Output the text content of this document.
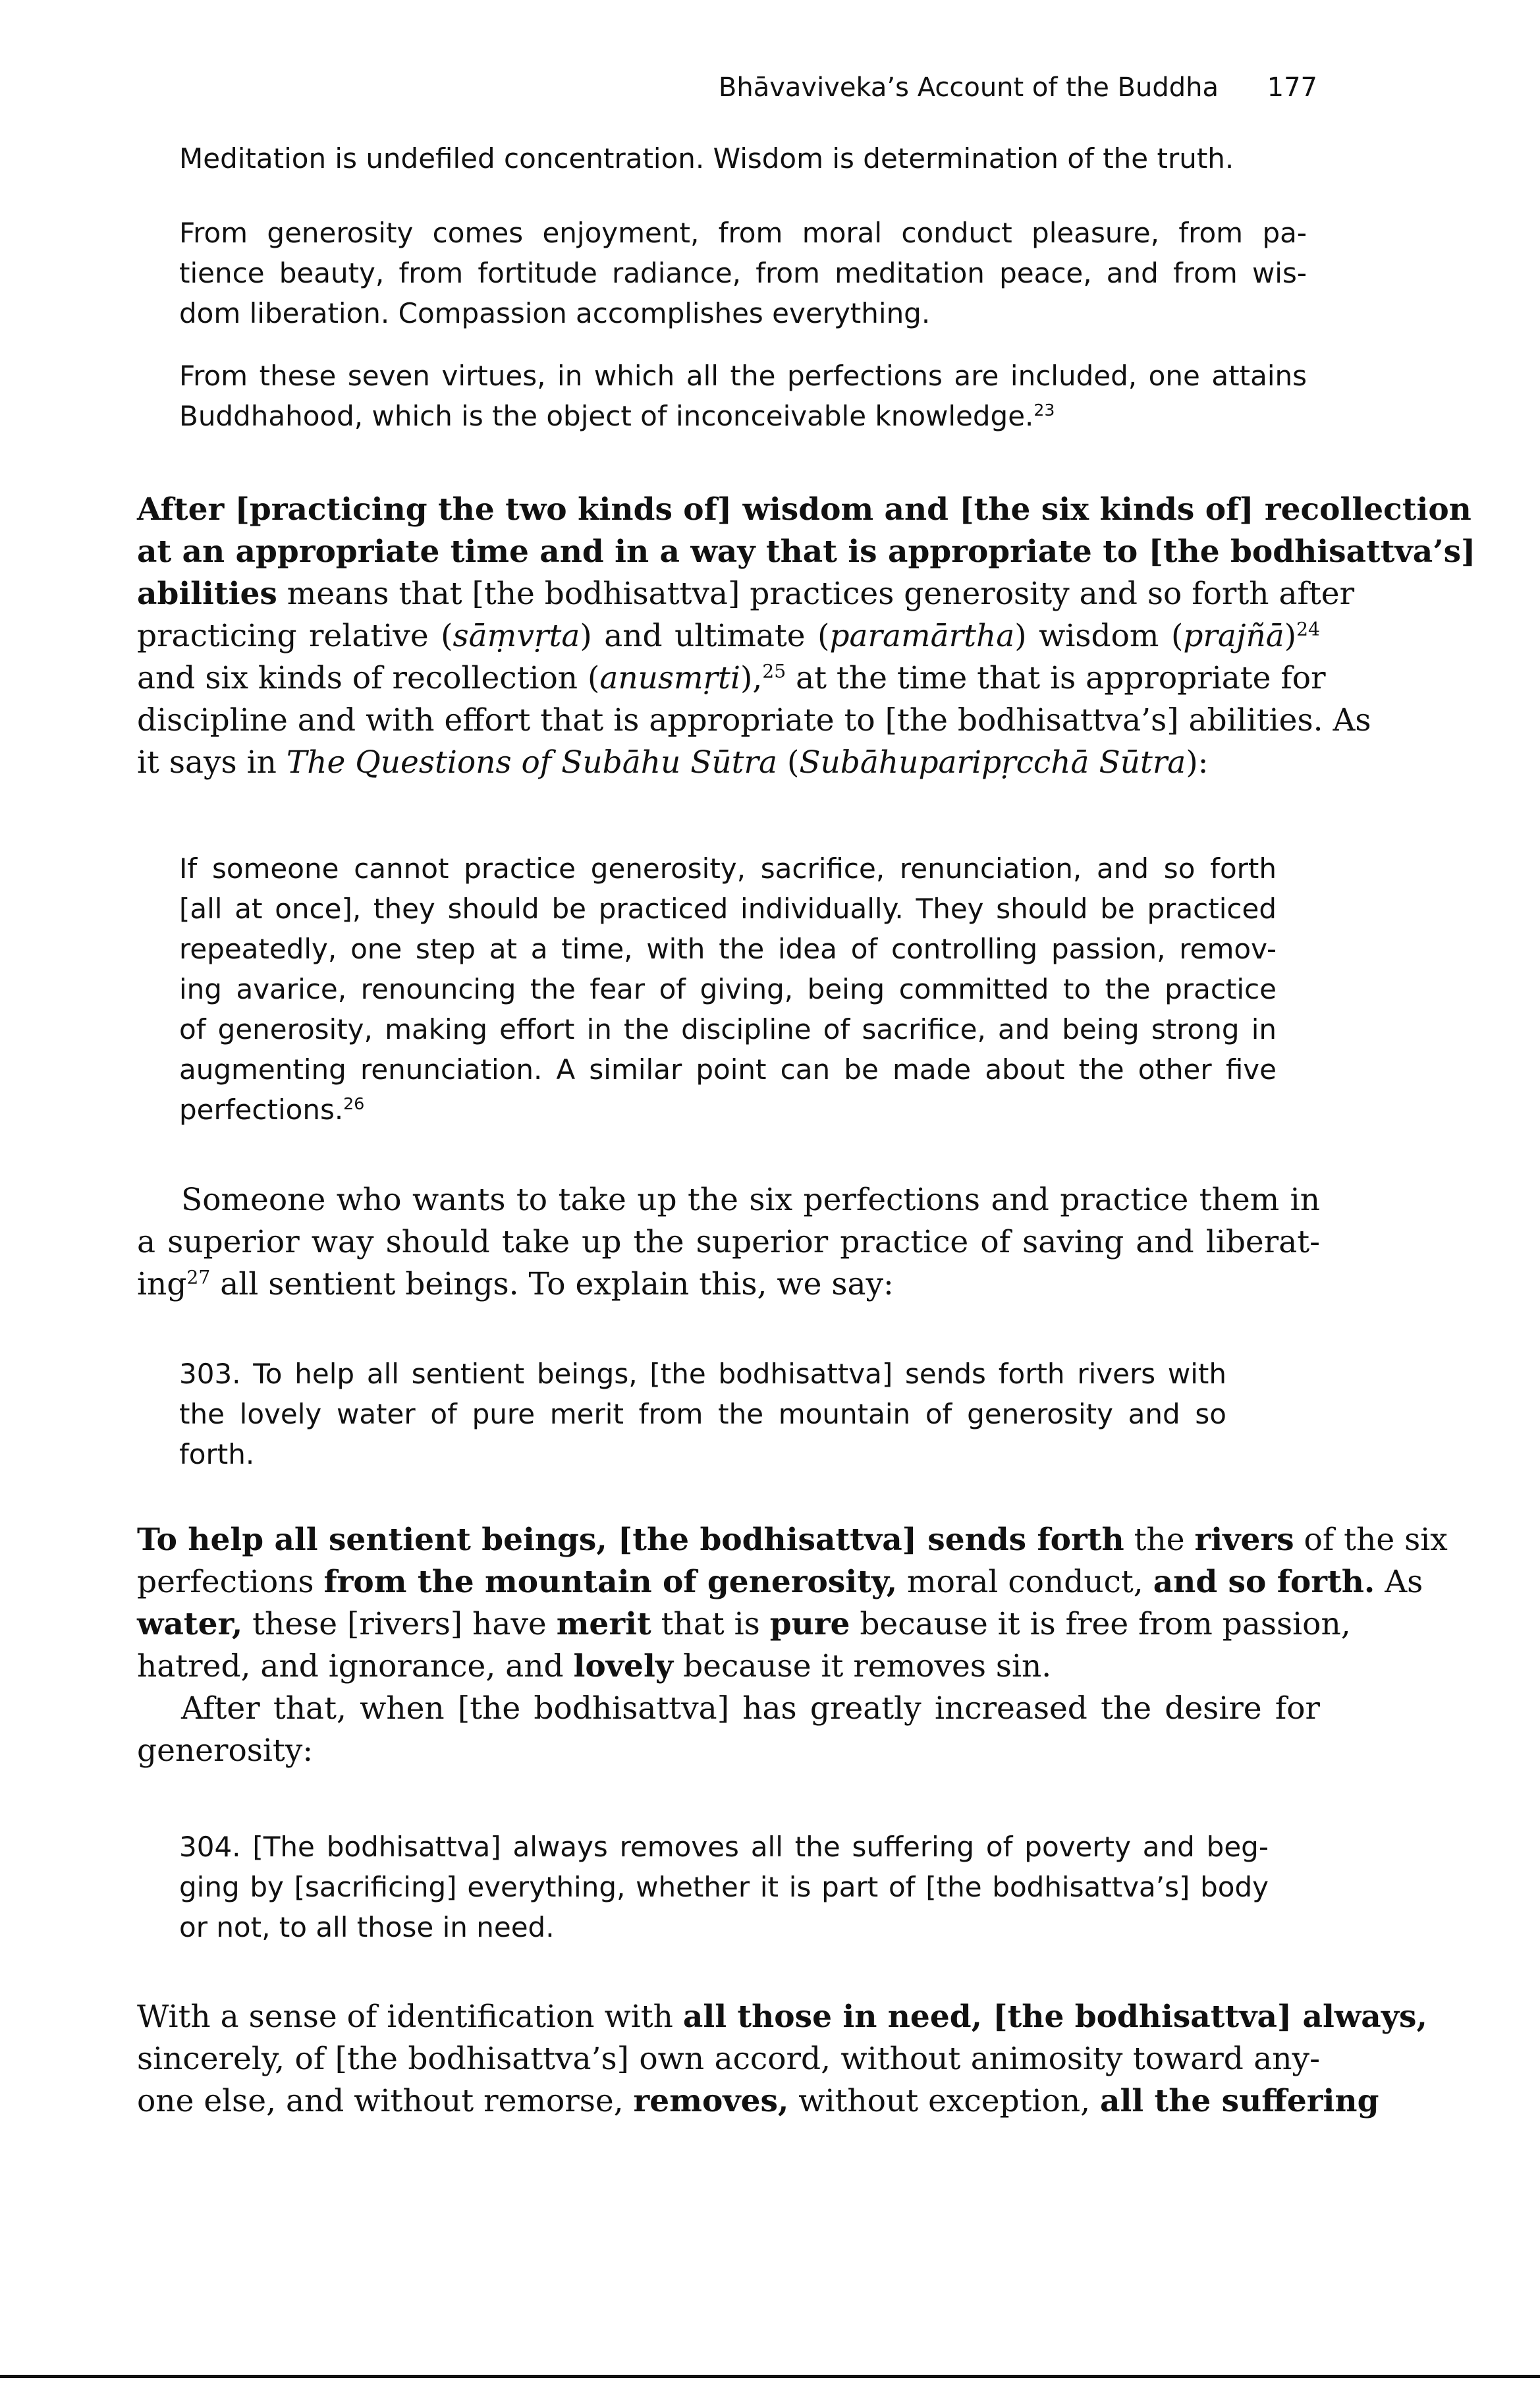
Bhāvaviveka’s Account of the Buddha 177
Meditation is undefiled concentration. Wisdom is determination of the truth.
From generosity comes enjoyment, from moral conduct pleasure, from pa-
tience beauty, from fortitude radiance, from meditation peace, and from wis-
dom liberation. Compassion accomplishes everything.
From these seven virtues, in which all the perfections are included, one attains
Buddhahood, which is the object of inconceivable knowledge.$^{23}$
After [practicing the two kinds of] wisdom and [the six kinds of] recollection
at an appropriate time and in a way that is appropriate to [the bodhisattva’s]
abilities means that [the bodhisattva] practices generosity and so forth after
practicing relative (sāṃvṛta) and ultimate (paramārtha) wisdom (prajñā)$^{24}$
and six kinds of recollection (anusmṛti),$^{25}$ at the time that is appropriate for
discipline and with effort that is appropriate to [the bodhisattva’s] abilities. As
it says in The Questions of Subāhu Sūtra (Subāhuparipṛcchā Sūtra):
If someone cannot practice generosity, sacrifice, renunciation, and so forth
[all at once], they should be practiced individually. They should be practiced
repeatedly, one step at a time, with the idea of controlling passion, remov-
ing avarice, renouncing the fear of giving, being committed to the practice
of generosity, making effort in the discipline of sacrifice, and being strong in
augmenting renunciation. A similar point can be made about the other five
perfections.$^{26}$
Someone who wants to take up the six perfections and practice them in
a superior way should take up the superior practice of saving and liberat-
ing$^{27}$ all sentient beings. To explain this, we say:
303. To help all sentient beings, [the bodhisattva] sends forth rivers with
the lovely water of pure merit from the mountain of generosity and so
forth.
To help all sentient beings, [the bodhisattva] sends forth the rivers of the six
perfections from the mountain of generosity, moral conduct, and so forth. As
water, these [rivers] have merit that is pure because it is free from passion,
hatred, and ignorance, and lovely because it removes sin.
After that, when [the bodhisattva] has greatly increased the desire for
generosity:
304. [The bodhisattva] always removes all the suffering of poverty and beg-
ging by [sacrificing] everything, whether it is part of [the bodhisattva’s] body
or not, to all those in need.
With a sense of identification with all those in need, [the bodhisattva] always,
sincerely, of [the bodhisattva’s] own accord, without animosity toward any-
one else, and without remorse, removes, without exception, all the suffering
